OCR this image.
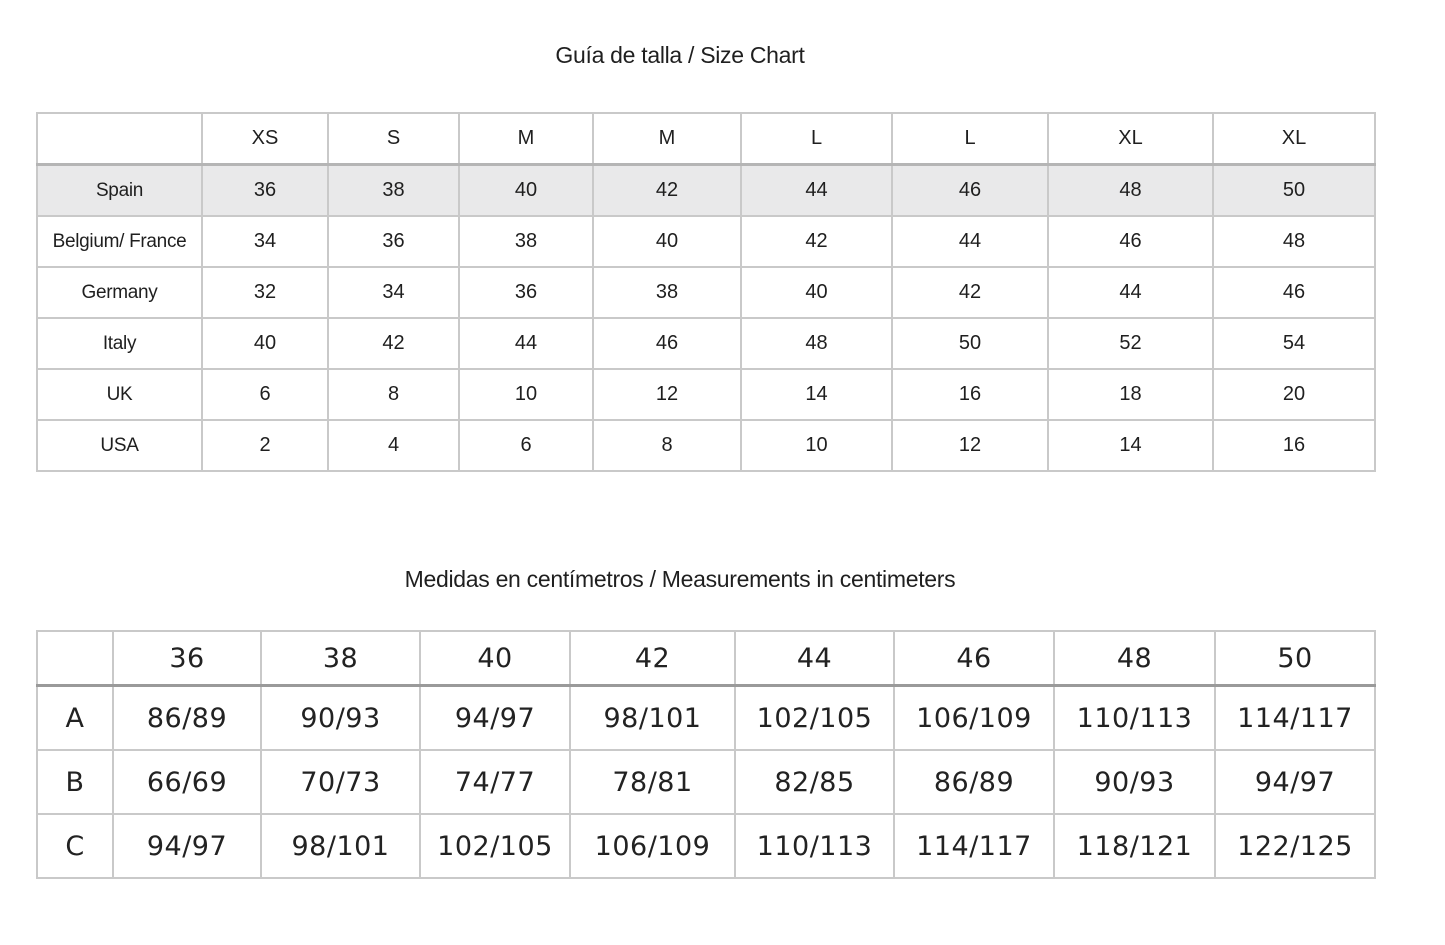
Guía de talla / Size Chart
	XS	S	M	M	L	L	XL	XL
Spain	36	38	40	42	44	46	48	50
Belgium/ France	34	36	38	40	42	44	46	48
Germany	32	34	36	38	40	42	44	46
Italy	40	42	44	46	48	50	52	54
UK	6	8	10	12	14	16	18	20
USA	2	4	6	8	10	12	14	16
Medidas en centímetros / Measurements in centimeters
	36	38	40	42	44	46	48	50
A	86/89	90/93	94/97	98/101	102/105	106/109	110/113	114/117
B	66/69	70/73	74/77	78/81	82/85	86/89	90/93	94/97
C	94/97	98/101	102/105	106/109	110/113	114/117	118/121	122/125
